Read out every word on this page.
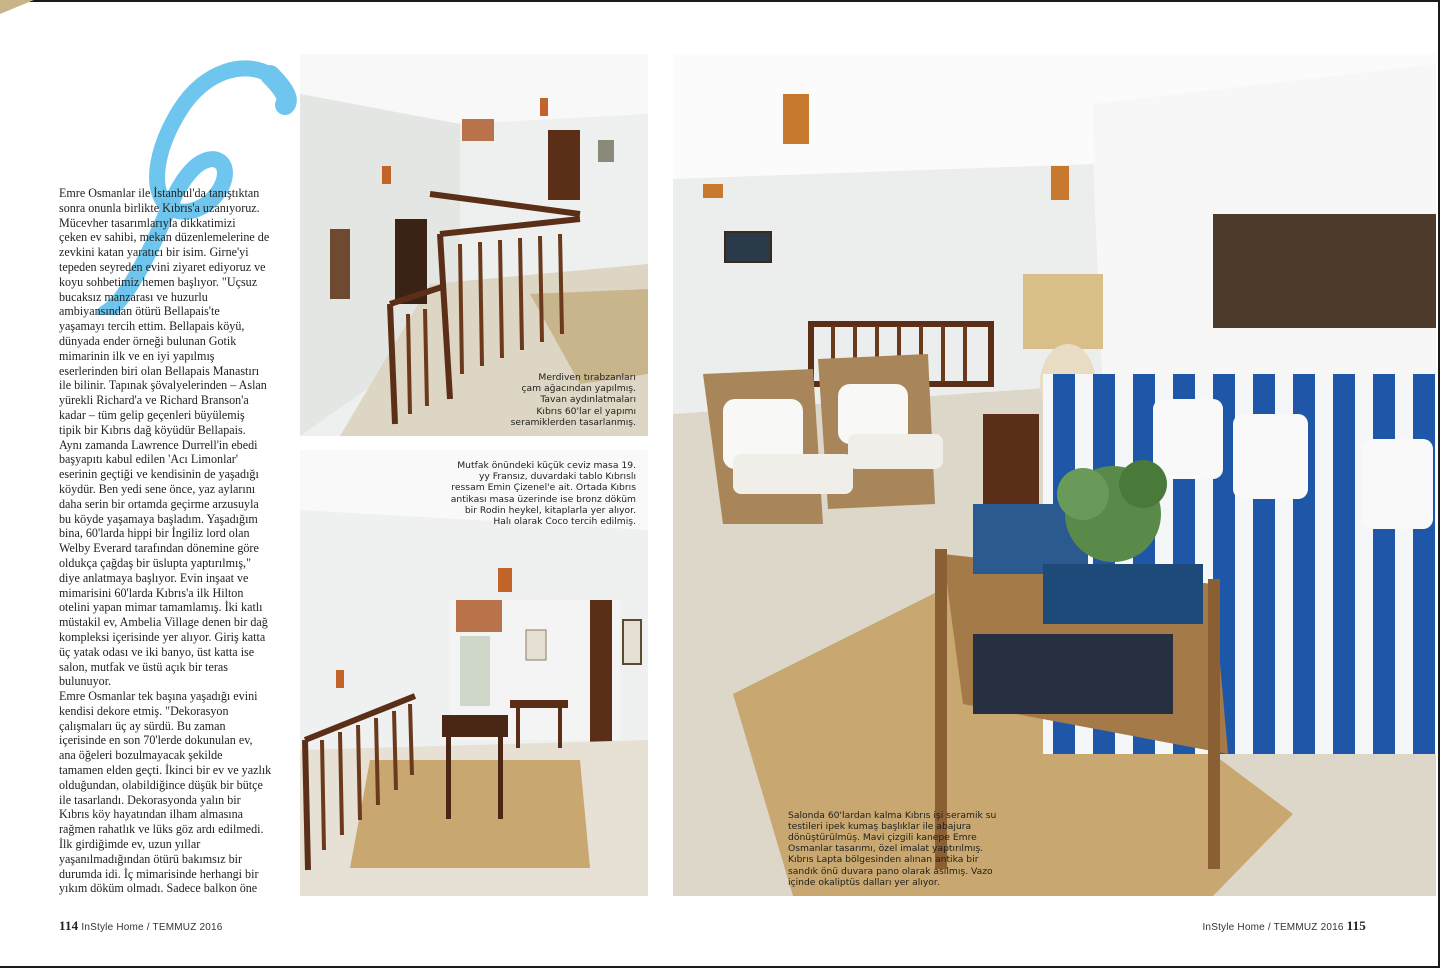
Emre Osmanlar ile İstanbul'da tanıştıktan
sonra onunla birlikte Kıbrıs'a uzanıyoruz.
Mücevher tasarımlarıyla dikkatimizi
çeken ev sahibi, mekan düzenlemelerine de
zevkini katan yaratıcı bir isim. Girne'yi
tepeden seyreden evini ziyaret ediyoruz ve
koyu sohbetimiz hemen başlıyor. "Uçsuz
bucaksız manzarası ve huzurlu
ambiyansından ötürü Bellapais'te
yaşamayı tercih ettim. Bellapais köyü,
dünyada ender örneği bulunan Gotik
mimarinin ilk ve en iyi yapılmış
eserlerinden biri olan Bellapais Manastırı
ile bilinir. Tapınak şövalyelerinden – Aslan
yürekli Richard'a ve Richard Branson'a
kadar – tüm gelip geçenleri büyülemiş
tipik bir Kıbrıs dağ köyüdür Bellapais.
Aynı zamanda Lawrence Durrell'in ebedi
başyapıtı kabul edilen 'Acı Limonlar'
eserinin geçtiği ve kendisinin de yaşadığı
köydür. Ben yedi sene önce, yaz aylarını
daha serin bir ortamda geçirme arzusuyla
bu köyde yaşamaya başladım. Yaşadığım
bina, 60'larda hippi bir İngiliz lord olan
Welby Everard tarafından dönemine göre
oldukça çağdaş bir üslupta yaptırılmış,"
diye anlatmaya başlıyor. Evin inşaat ve
mimarisini 60'larda Kıbrıs'a ilk Hilton
otelini yapan mimar tamamlamış. İki katlı
müstakil ev, Ambelia Village denen bir dağ
kompleksi içerisinde yer alıyor. Giriş katta
üç yatak odası ve iki banyo, üst katta ise
salon, mutfak ve üstü açık bir teras
bulunuyor.
Emre Osmanlar tek başına yaşadığı evini
kendisi dekore etmiş. "Dekorasyon
çalışmaları üç ay sürdü. Bu zaman
içerisinde en son 70'lerde dokunulan ev,
ana öğeleri bozulmayacak şekilde
tamamen elden geçti. İkinci bir ev ve yazlık
olduğundan, olabildiğince düşük bir bütçe
ile tasarlandı. Dekorasyonda yalın bir
Kıbrıs köy hayatından ilham almasına
rağmen rahatlık ve lüks göz ardı edilmedi.
İlk girdiğimde ev, uzun yıllar
yaşanılmadığından ötürü bakımsız bir
durumda idi. İç mimarisinde herhangi bir
yıkım döküm olmadı. Sadece balkon öne

Merdiven tırabzanları
çam ağacından yapılmış.
Tavan aydınlatmaları
Kıbrıs 60'lar el yapımı
seramiklerden tasarlanmış.
Mutfak önündeki küçük ceviz masa 19.
yy Fransız, duvardaki tablo Kıbrıslı
ressam Emin Çizenel'e ait. Ortada Kıbrıs
antikası masa üzerinde ise bronz döküm
bir Rodin heykel, kitaplarla yer alıyor.
Halı olarak Coco tercih edilmiş.
Salonda 60'lardan kalma Kıbrıs işi seramik su
testileri ipek kumaş başlıklar ile abajura
dönüştürülmüş. Mavi çizgili kanepe Emre
Osmanlar tasarımı, özel imalat yaptırılmış.
Kıbrıs Lapta bölgesinden alınan antika bir
sandık önü duvara pano olarak asılmış. Vazo
içinde okaliptüs dalları yer alıyor.
114 InStyle Home / TEMMUZ 2016	InStyle Home / TEMMUZ 2016 115
